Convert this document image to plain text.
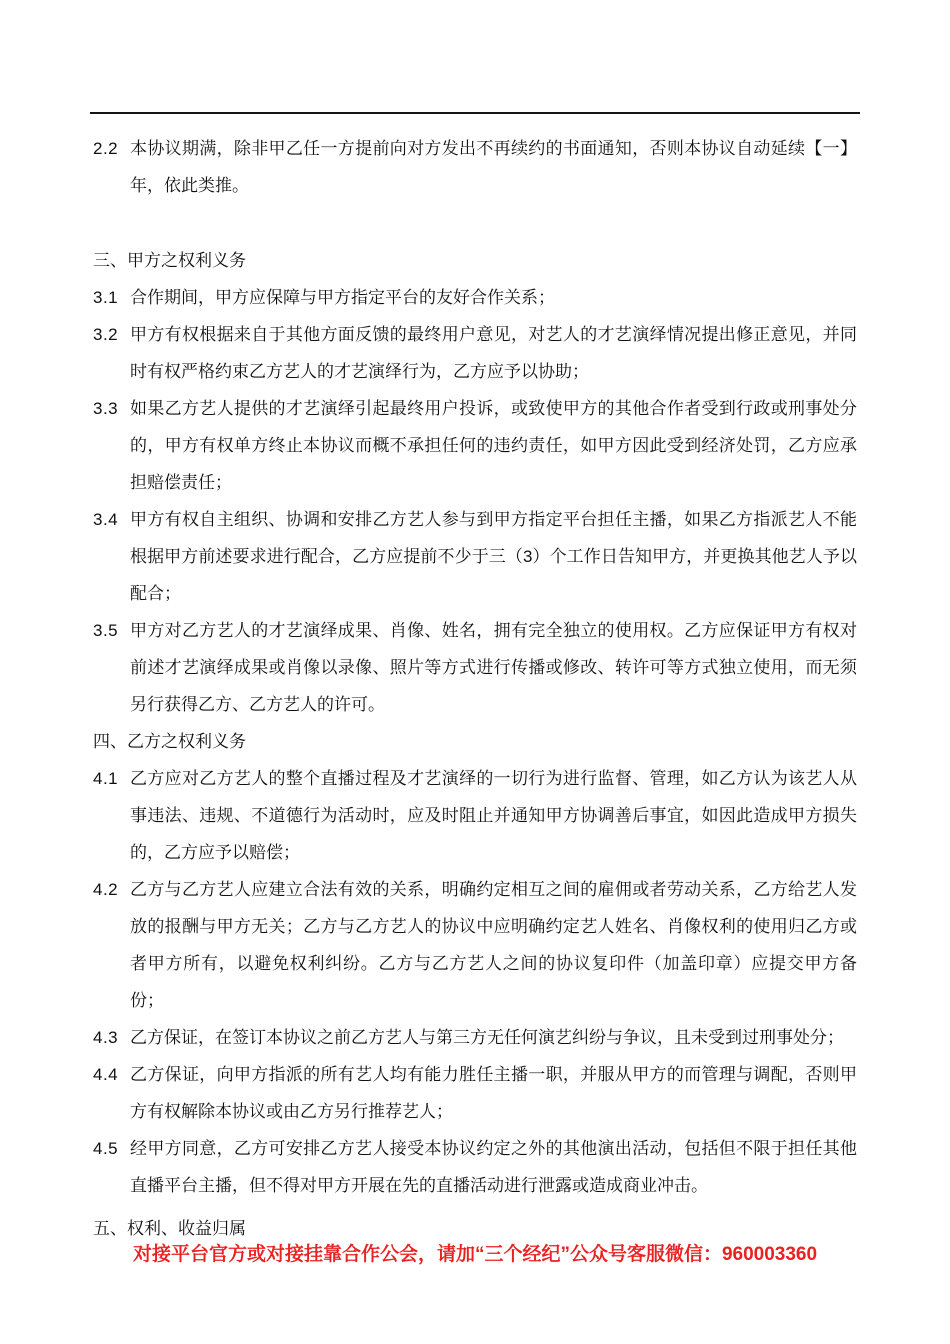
2.2 本协议期满，除非甲乙任一方提前向对方发出不再续约的书面通知，否则本协议自动延续【一】年，依此类推。

三、甲方之权利义务

3.1 合作期间，甲方应保障与甲方指定平台的友好合作关系；

3.2 甲方有权根据来自于其他方面反馈的最终用户意见，对艺人的才艺演绎情况提出修正意见，并同时有权严格约束乙方艺人的才艺演绎行为，乙方应予以协助；

3.3 如果乙方艺人提供的才艺演绎引起最终用户投诉，或致使甲方的其他合作者受到行政或刑事处分的，甲方有权单方终止本协议而概不承担任何的违约责任，如甲方因此受到经济处罚，乙方应承担赔偿责任；

3.4 甲方有权自主组织、协调和安排乙方艺人参与到甲方指定平台担任主播，如果乙方指派艺人不能根据甲方前述要求进行配合，乙方应提前不少于三（3）个工作日告知甲方，并更换其他艺人予以配合；

3.5 甲方对乙方艺人的才艺演绎成果、肖像、姓名，拥有完全独立的使用权。乙方应保证甲方有权对前述才艺演绎成果或肖像以录像、照片等方式进行传播或修改、转许可等方式独立使用，而无须另行获得乙方、乙方艺人的许可。

四、乙方之权利义务

4.1 乙方应对乙方艺人的整个直播过程及才艺演绎的一切行为进行监督、管理，如乙方认为该艺人从事违法、违规、不道德行为活动时，应及时阻止并通知甲方协调善后事宜，如因此造成甲方损失的，乙方应予以赔偿；

4.2 乙方与乙方艺人应建立合法有效的关系，明确约定相互之间的雇佣或者劳动关系，乙方给艺人发放的报酬与甲方无关；乙方与乙方艺人的协议中应明确约定艺人姓名、肖像权利的使用归乙方或者甲方所有，以避免权利纠纷。乙方与乙方艺人之间的协议复印件（加盖印章）应提交甲方备份；

4.3 乙方保证，在签订本协议之前乙方艺人与第三方无任何演艺纠纷与争议，且未受到过刑事处分；

4.4 乙方保证，向甲方指派的所有艺人均有能力胜任主播一职，并服从甲方的而管理与调配，否则甲方有权解除本协议或由乙方另行推荐艺人；

4.5 经甲方同意，乙方可安排乙方艺人接受本协议约定之外的其他演出活动，包括但不限于担任其他直播平台主播，但不得对甲方开展在先的直播活动进行泄露或造成商业冲击。

五、权利、收益归属
对接平台官方或对接挂靠合作公会，请加“三个经纪”公众号客服微信：960003360
